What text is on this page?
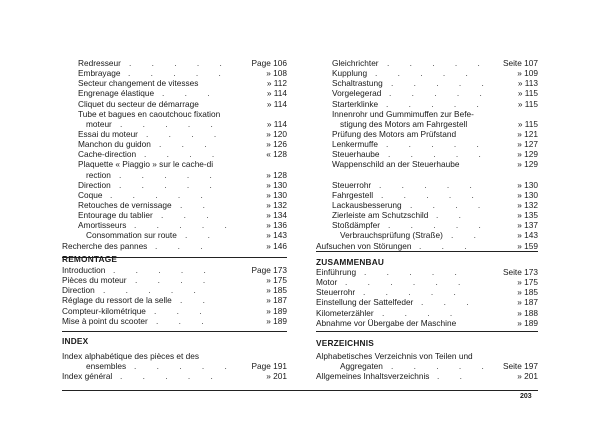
Redresseur . . . . .	Page 106
Embrayage . . . . .	» 108
Secteur changement de vitesses	» 112
Engrenage élastique . . .	» 114
Cliquet du secteur de démarrage	» 114
Tube et bagues en caoutchouc fixation
moteur . . . . .	» 114
Essai du moteur . . . .	» 120
Manchon du guidon . . .	» 126
Cache-direction . . . .	« 128
Plaquette « Piaggio » sur le cache-di
rection . . . . .	» 128
Direction . . . . .	» 130
Coque . . . . .	» 130
Retouches de vernissage . .	» 132
Entourage du tablier . . .	» 134
Amortisseurs . . . . .	» 136
Consommation sur route . .	» 143
Recherche des pannes . . .	» 146
Gleichrichter . . . . .	Seite 107
Kupplung . . . . .	» 109
Schaltrastung . . . . .	» 113
Vorgelegerad . . . . .	» 115
Starterklinke . . . . .	» 115
Innenrohr und Gummimuffen zur Befe-
stigung des Motors am Fahrgestell	» 115
Prüfung des Motors am Prüfstand	» 121
Lenkermuffe . . . . .	» 127
Steuerhaube . . . . .	» 129
Wappenschild an der Steuerhaube	» 129
Steuerrohr . . . . .	» 130
Fahrgestell . . . . .	» 130
Lackausbesserung . . . .	» 132
Zierleiste am Schutzschild . .	» 135
Stoßdämpfer . . . . .	» 137
Verbrauchsprüfung (Straße) . .	» 143
Aufsuchen von Störungen . . .	» 159
REMONTAGE
Introduction . . . . .	Page 173
Pièces du moteur . . . .	» 175
Direction . . . . .	» 185
Réglage du ressort de la selle . .	» 187
Compteur-kilométrique . . .	» 189
Mise à point du scooter . . .	» 189
ZUSAMMENBAU
Einführung . . . . .	Seite 173
Motor . . . . . .	» 175
Steuerrohr . . . . .	» 185
Einstellung der Sattelfeder . . .	» 187
Kilometerzähler . . . .	» 188
Abnahme vor Übergabe der Maschine	» 189
INDEX
Index alphabétique des pièces et des
ensembles . . . . .	Page 191
Index général . . . . .	» 201
VERZEICHNIS
Alphabetisches Verzeichnis von Teilen und
Aggregaten . . . . .	Seite 197
Allgemeines Inhaltsverzeichnis . .	» 201
203
